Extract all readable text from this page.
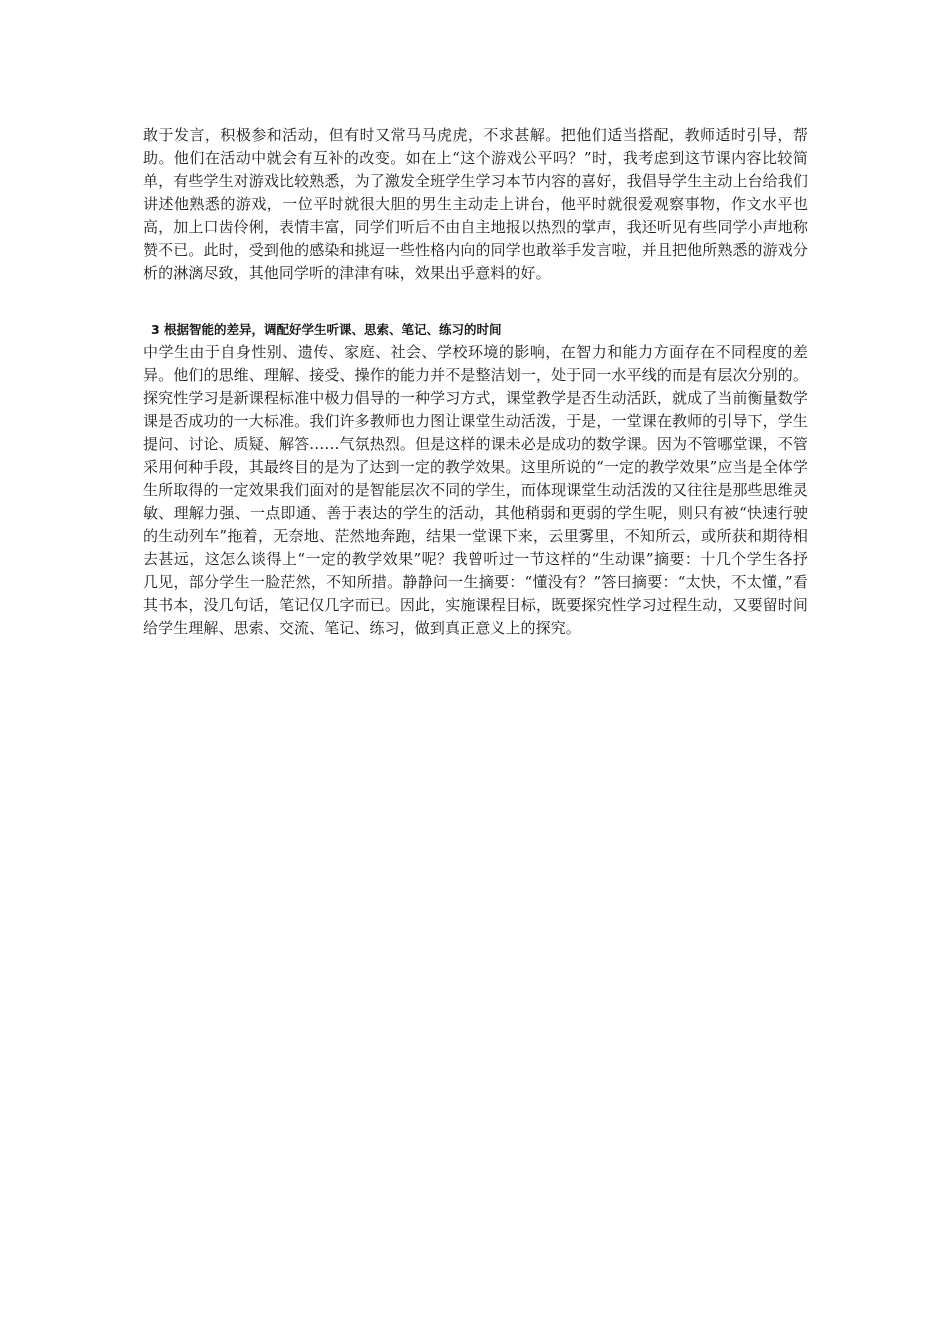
敢于发言，积极参和活动，但有时又常马马虎虎，不求甚解。把他们适当搭配，教师适时引导，帮助。他们在活动中就会有互补的改变。如在上“这个游戏公平吗？”时，我考虑到这节课内容比较简单，有些学生对游戏比较熟悉，为了激发全班学生学习本节内容的喜好，我倡导学生主动上台给我们讲述他熟悉的游戏，一位平时就很大胆的男生主动走上讲台，他平时就很爱观察事物，作文水平也高，加上口齿伶俐，表情丰富，同学们听后不由自主地报以热烈的掌声，我还听见有些同学小声地称赞不已。此时，受到他的感染和挑逗一些性格内向的同学也敢举手发言啦，并且把他所熟悉的游戏分析的淋漓尽致，其他同学听的津津有味，效果出乎意料的好。

3 根据智能的差异，调配好学生听课、思索、笔记、练习的时间

中学生由于自身性别、遗传、家庭、社会、学校环境的影响，在智力和能力方面存在不同程度的差异。他们的思维、理解、接受、操作的能力并不是整洁划一，处于同一水平线的而是有层次分别的。探究性学习是新课程标准中极力倡导的一种学习方式，课堂教学是否生动活跃，就成了当前衡量数学课是否成功的一大标准。我们许多教师也力图让课堂生动活泼，于是，一堂课在教师的引导下，学生提问、讨论、质疑、解答……气氛热烈。但是这样的课未必是成功的数学课。因为不管哪堂课，不管采用何种手段，其最终目的是为了达到一定的教学效果。这里所说的“一定的教学效果”应当是全体学生所取得的一定效果我们面对的是智能层次不同的学生，而体现课堂生动活泼的又往往是那些思维灵敏、理解力强、一点即通、善于表达的学生的活动，其他稍弱和更弱的学生呢，则只有被“快速行驶的生动列车”拖着，无奈地、茫然地奔跑，结果一堂课下来，云里雾里，不知所云，或所获和期待相去甚远，这怎么谈得上“一定的教学效果”呢？我曾听过一节这样的“生动课”摘要：十几个学生各抒几见，部分学生一脸茫然，不知所措。静静问一生摘要：“懂没有？”答曰摘要：“太快，不太懂，”看其书本，没几句话，笔记仅几字而已。因此，实施课程目标，既要探究性学习过程生动，又要留时间给学生理解、思索、交流、笔记、练习，做到真正意义上的探究。
